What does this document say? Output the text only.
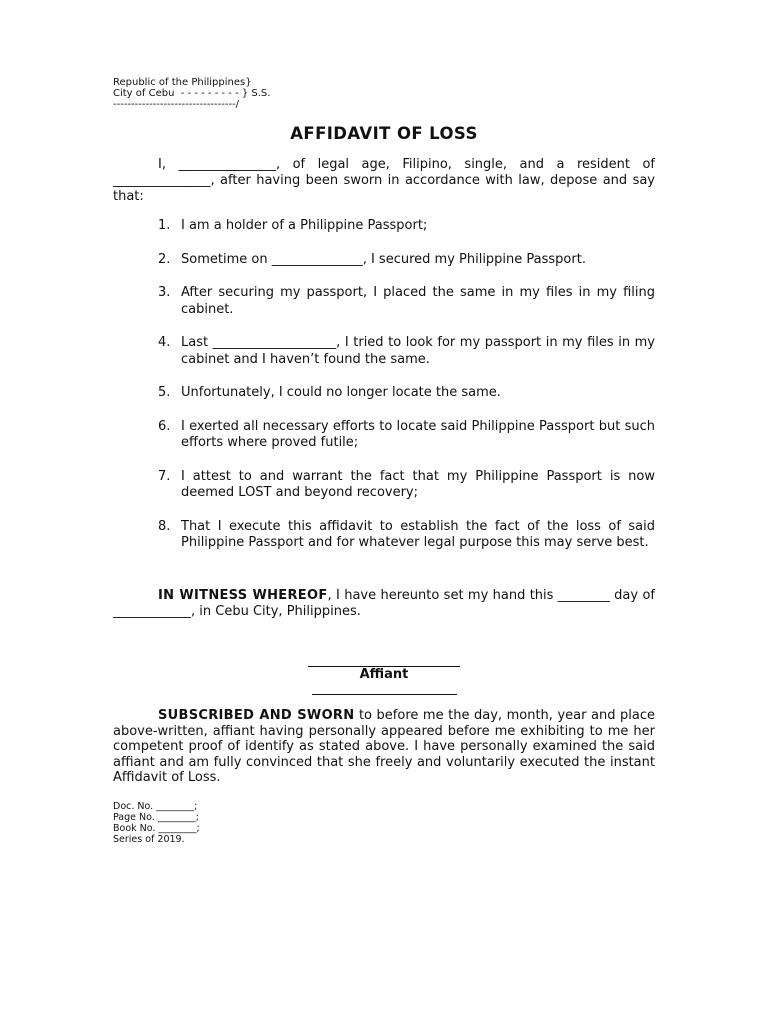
Republic of the Philippines}
City of Cebu  - - - - - - - - - } S.S.
----------------------------------/
AFFIDAVIT OF LOSS

I, _______________, of legal age, Filipino, single, and a resident of _______________, after having been sworn in accordance with law, depose and say that:

1. I am a holder of a Philippine Passport;
2. Sometime on ______________, I secured my Philippine Passport.
3. After securing my passport, I placed the same in my files in my filing cabinet.
4. Last ___________________, I tried to look for my passport in my files in my cabinet and I haven’t found the same.
5. Unfortunately, I could no longer locate the same.
6. I exerted all necessary efforts to locate said Philippine Passport but such efforts where proved futile;
7. I attest to and warrant the fact that my Philippine Passport is now deemed LOST and beyond recovery;
8. That I execute this affidavit to establish the fact of the loss of said Philippine Passport and for whatever legal purpose this may serve best.

IN WITNESS WHEREOF, I have hereunto set my hand this ________ day of ____________, in Cebu City, Philippines.

Affiant

SUBSCRIBED AND SWORN to before me the day, month, year and place above-written, affiant having personally appeared before me exhibiting to me her competent proof of identify as stated above. I have personally examined the said affiant and am fully convinced that she freely and voluntarily executed the instant Affidavit of Loss.

Doc. No. ________;
Page No. ________;
Book No. ________;
Series of 2019.
